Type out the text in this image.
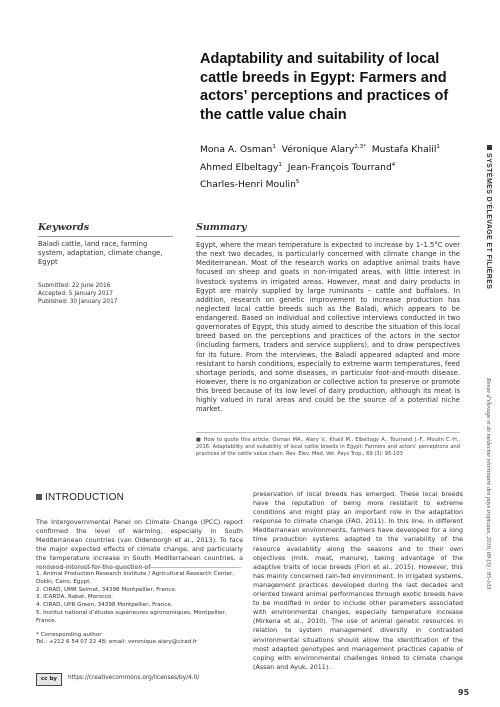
Adaptability and suitability of local cattle breeds in Egypt: Farmers and actors’ perceptions and practices of the cattle value chain
Mona A. Osman$^1$ Véronique Alary$^{2,3*}$ Mustafa Khalil$^1$
Ahmed Elbeltagy$^1$ Jean-François Tourrand$^4$
Charles-Henri Moulin$^5$
Keywords
Baladi cattle, land race, farming system, adaptation, climate change, Egypt
Submitted: 22 June 2016
Accepted: 5 January 2017
Published: 30 January 2017
Summary
Egypt, where the mean temperature is expected to increase by 1–1.5°C over the next two decades, is particularly concerned with climate change in the Mediterranean. Most of the research works on adaptive animal traits have focused on sheep and goats in non-irrigated areas, with little interest in livestock systems in irrigated areas. However, meat and dairy products in Egypt are mainly supplied by large ruminants – cattle and buffaloes. In addition, research on genetic improvement to increase production has neglected local cattle breeds such as the Baladi, which appears to be endangered. Based on individual and collective interviews conducted in two governorates of Egypt, this study aimed to describe the situation of this local breed based on the perceptions and practices of the actors in the sector (including farmers, traders and service suppliers), and to draw perspectives for its future. From the interviews, the Baladi appeared adapted and more resistant to harsh conditions, especially to extreme warm temperatures, feed shortage periods, and some diseases, in particular foot-and-mouth disease. However, there is no organization or collective action to preserve or promote this breed because of its low level of dairy production, although its meat is highly valued in rural areas and could be the source of a potential niche market.
■ How to quote this article: Osman MA., Alary V., Khalil M., Elbeltagy A., Tourrand J.-F., Moulin C.-H., 2016. Adaptability and suitability of local cattle breeds in Egypt: Farmers and actors’ perceptions and practices of the cattle value chain. Rev. Elev. Med. Vet. Pays Trop., 69 (3): 95-103
INTRODUCTION
The Intergovernmental Panel on Climate Change (IPCC) report confirmed the level of warming, especially in South Mediterranean countries (van Oldenborgh et al., 2013). To face the major expected effects of climate change, and particularly the temperature increase in South Mediterranean countries, a
preservation of local breeds has emerged. These local breeds have the reputation of being more resistant to extreme conditions and might play an important role in the adaptation response to climate change (FAO, 2011). In this line, in different Mediterranean environments, farmers have developed for a long time production systems adapted to the variability of the resource availability along the seasons and to their own objectives (milk, meat, manure), taking advantage of the adaptive traits of local breeds (Flori et al., 2015). However, this has mainly concerned rain-fed environment. In irrigated systems, management practices developed during the last decades and oriented toward animal performances through exotic breeds have to be modified in order to include other parameters associated with environmental changes, especially temperature increase (Mirkena et al., 2010). The use of animal genetic resources in relation to system management diversity in contrasted environmental situations should allow the identification of the most adapted genotypes and management practices capable of coping with environmental challenges linked to climate change (Assan and Ayuk, 2011).
1. Animal Production Research Institute / Agricultural Research Center, Dokki, Cairo, Egypt.
2. CIRAD, UMR Selmet, 34398 Montpellier, France.
3. ICARDA, Rabat, Morocco.
4. CIRAD, UPR Green, 34398 Montpellier, France.
5. Institut national d’études supérieures agronomiques, Montpellier, France.
* Corresponding author
Tel.: +212 6 54 07 22 48; email: veronique.alary@cirad.fr
cc by	https://creativecommons.org/licenses/by/4.0/
95
SYSTÈMES D’ÉLEVAGE ET FILIÈRES
Revue d’élevage et de médecine vétérinaire des pays tropicaux, 2016, 69 (3) : 95-103
